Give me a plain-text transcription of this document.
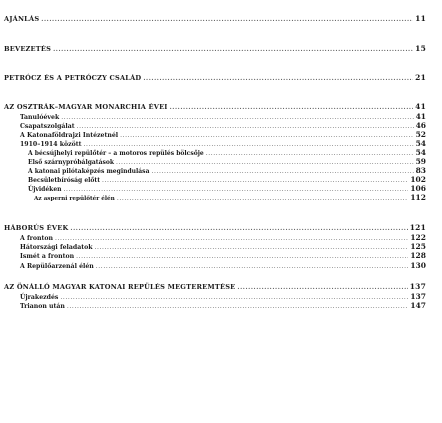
AJÁNLÁS .....	11
BEVEZETÉS .....	15
PETRÓCZ ÉS A PETRÓCZY CSALÁD .....	21
AZ OSZTRÁK–MAGYAR MONARCHIA ÉVEI .....	41
Tanulóévek .....	41
Csapatszolgálat .....	46
A Katonaföldrajzi Intézetnél .....	52
1910–1914 között .....	54
A bécsújhelyi repülőtér – a motoros repülés bölcsője .....	54
Első szárnypróbálgatások .....	59
A katonai pilótaképzés megindulása .....	83
Becsületbíróság előtt .....	102
Újvidéken .....	106
Az asperni repülőtér élén .....	112
HÁBORÚS ÉVEK .....	121
A fronton .....	122
Hátországi feladatok .....	125
Ismét a fronton .....	128
A Repülőarzenál élén .....	130
AZ ÖNÁLLÓ MAGYAR KATONAI REPÜLÉS MEGTEREMTÉSE .....	137
Újrakezdés .....	137
Trianon után .....	147
